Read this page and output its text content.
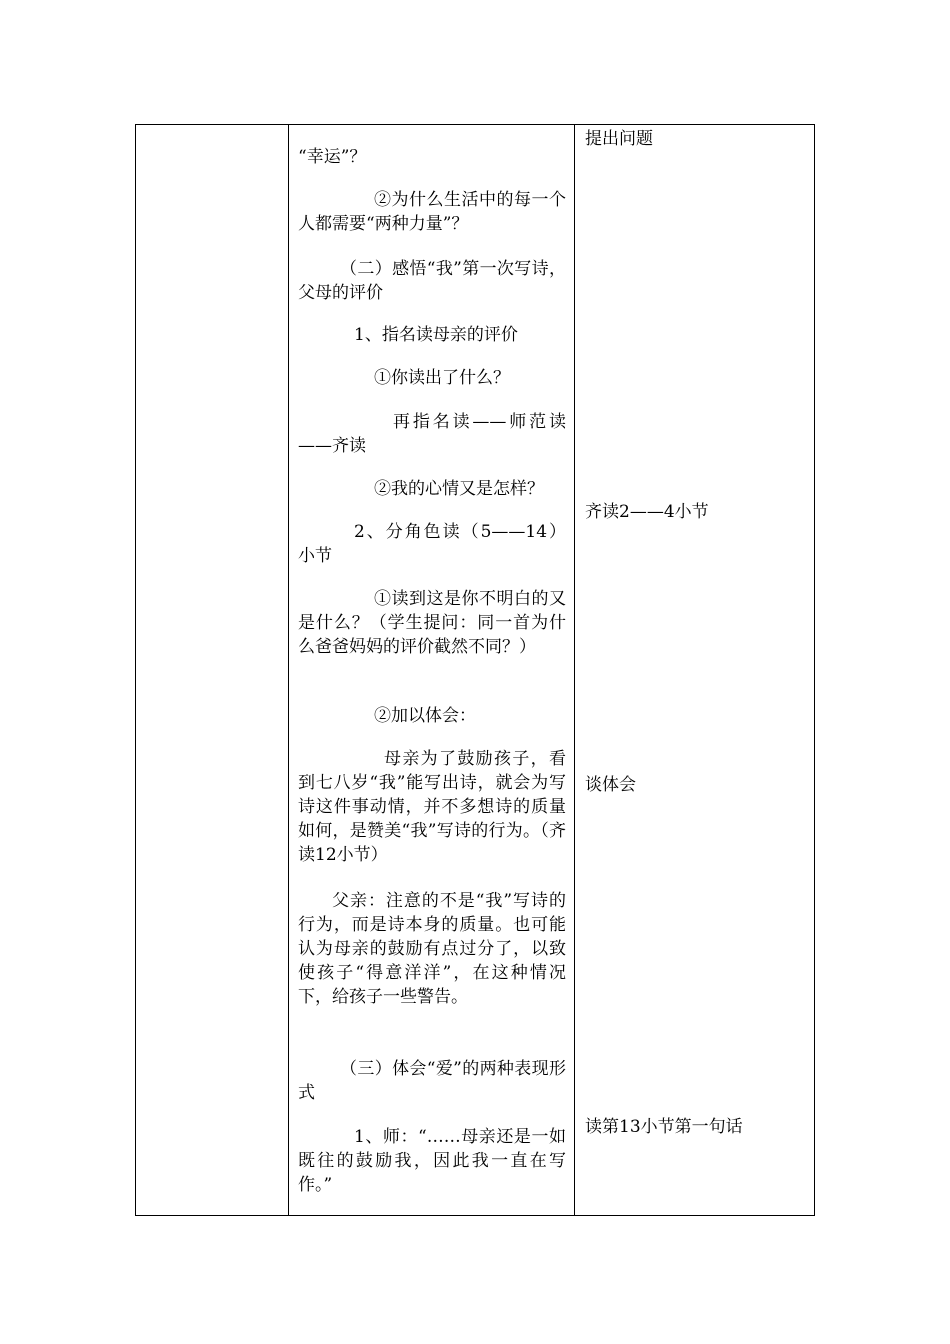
“幸运”？

②为什么生活中的每一个人都需要“两种力量”？

（二）感悟“我”第一次写诗，父母的评价

1、指名读母亲的评价

①你读出了什么？

再指名读——师范读——齐读

②我的心情又是怎样？

2、分角色读（5——14）小节

①读到这是你不明白的又是什么？（学生提问：同一首为什么爸爸妈妈的评价截然不同？）

②加以体会：

母亲为了鼓励孩子，看到七八岁“我”能写出诗，就会为写诗这件事动情，并不多想诗的质量如何，是赞美“我”写诗的行为。（齐读12小节）

父亲：注意的不是“我”写诗的行为，而是诗本身的质量。也可能认为母亲的鼓励有点过分了，以致使孩子“得意洋洋”，在这种情况下，给孩子一些警告。

（三）体会“爱”的两种表现形式

1、师：“……母亲还是一如既往的鼓励我，因此我一直在写作。”

提出问题
齐读2——4小节
谈体会
读第13小节第一句话
